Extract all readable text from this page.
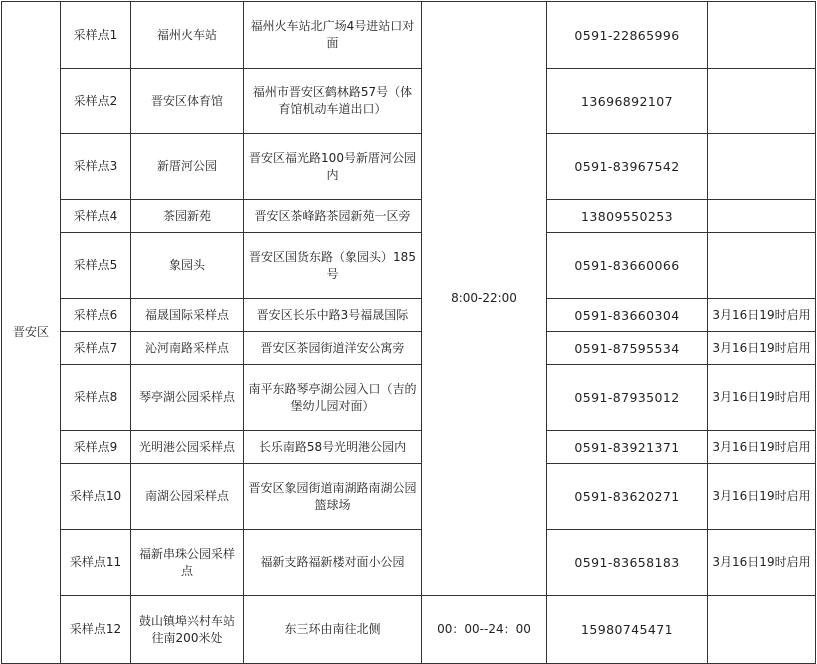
晋安区	采样点1	福州火车站	福州火车站北广场4号进站口对面	8:00-22:00	0591-22865996	
	采样点2	晋安区体育馆	福州市晋安区鹤林路57号（体育馆机动车道出口）		13696892107	
	采样点3	新厝河公园	晋安区福光路100号新厝河公园内		0591-83967542	
	采样点4	茶园新苑	晋安区茶峰路茶园新苑一区旁		13809550253	
	采样点5	象园头	晋安区国货东路（象园头）185号		0591-83660066	
	采样点6	福晟国际采样点	晋安区长乐中路3号福晟国际		0591-83660304	3月16日19时启用
	采样点7	沁河南路采样点	晋安区茶园街道洋安公寓旁		0591-87595534	3月16日19时启用
	采样点8	琴亭湖公园采样点	南平东路琴亭湖公园入口（吉的堡幼儿园对面）		0591-87935012	3月16日19时启用
	采样点9	光明港公园采样点	长乐南路58号光明港公园内		0591-83921371	3月16日19时启用
	采样点10	南湖公园采样点	晋安区象园街道南湖路南湖公园篮球场		0591-83620271	3月16日19时启用
	采样点11	福新串珠公园采样点	福新支路福新楼对面小公园		0591-83658183	3月16日19时启用
	采样点12	鼓山镇埠兴村车站往南200米处	东三环由南往北侧	00：00--24：00	15980745471	
